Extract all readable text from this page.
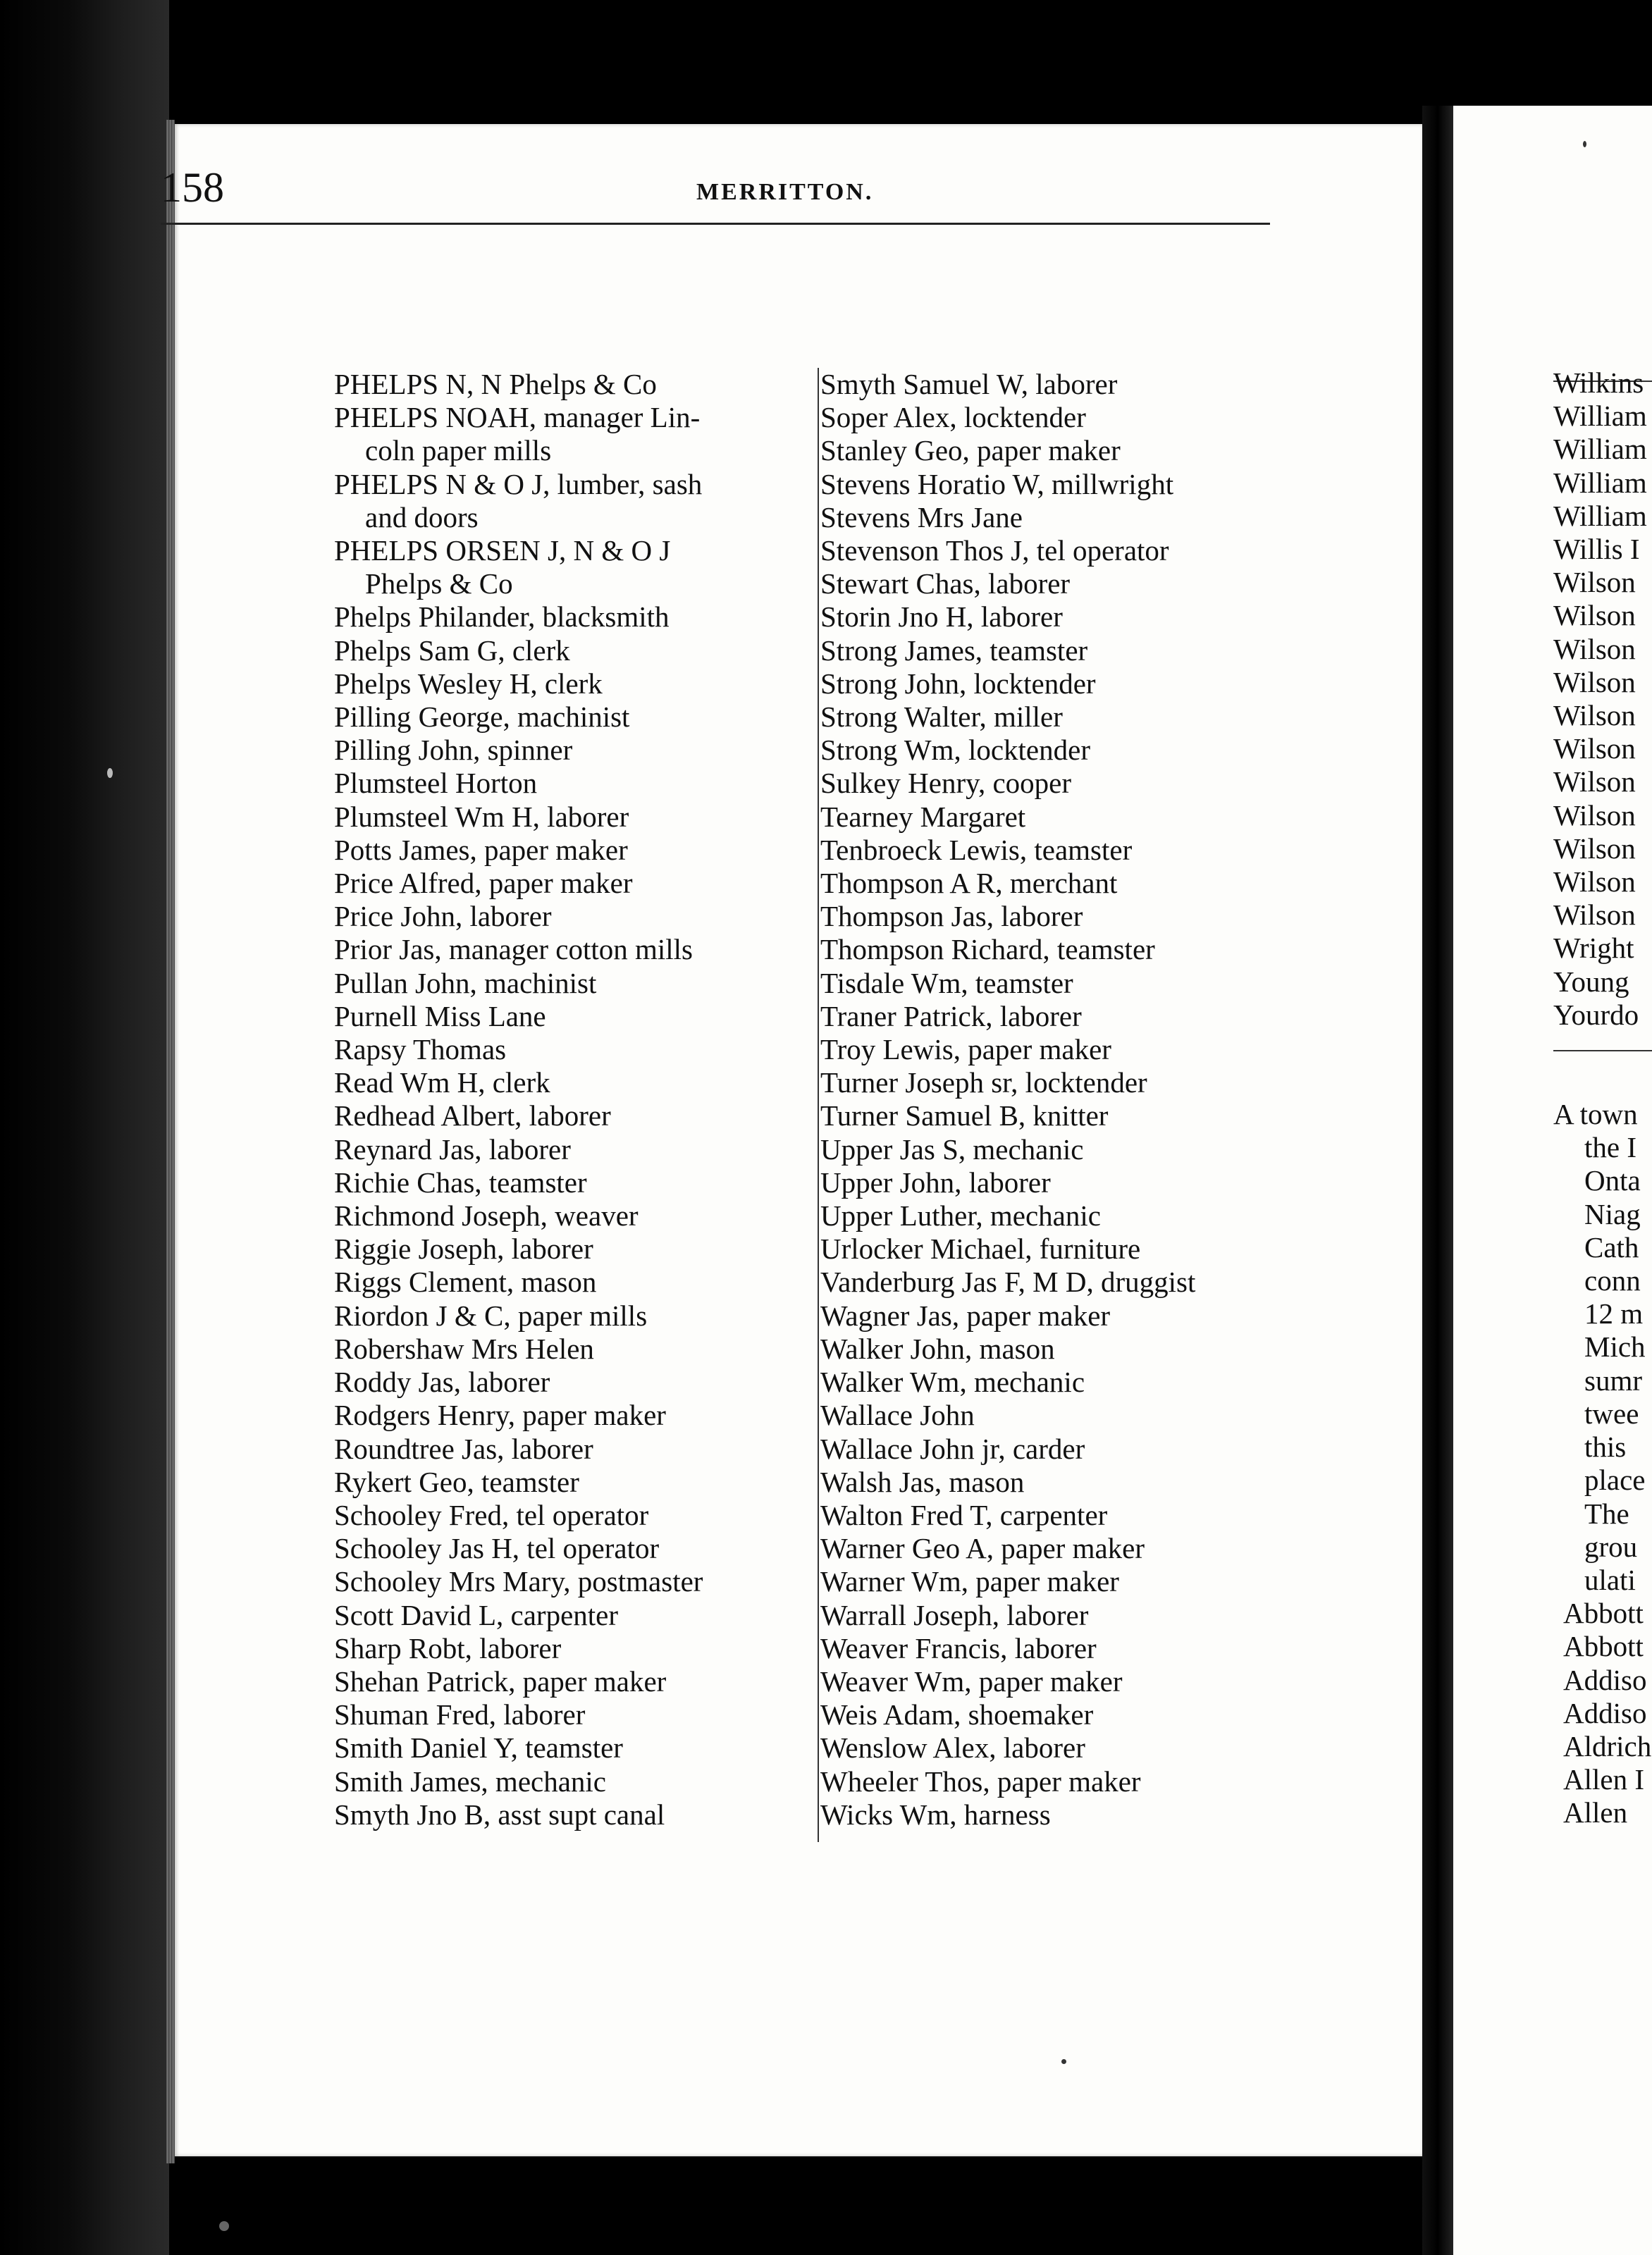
158	MERRITTON.
PHELPS N, N Phelps & Co
PHELPS NOAH, manager Lin-
coln paper mills
PHELPS N & O J, lumber, sash
and doors
PHELPS ORSEN J, N & O J
Phelps & Co
Phelps Philander, blacksmith
Phelps Sam G, clerk
Phelps Wesley H, clerk
Pilling George, machinist
Pilling John, spinner
Plumsteel Horton
Plumsteel Wm H, laborer
Potts James, paper maker
Price Alfred, paper maker
Price John, laborer
Prior Jas, manager cotton mills
Pullan John, machinist
Purnell Miss Lane
Rapsy Thomas
Read Wm H, clerk
Redhead Albert, laborer
Reynard Jas, laborer
Richie Chas, teamster
Richmond Joseph, weaver
Riggie Joseph, laborer
Riggs Clement, mason
Riordon J & C, paper mills
Robershaw Mrs Helen
Roddy Jas, laborer
Rodgers Henry, paper maker
Roundtree Jas, laborer
Rykert Geo, teamster
Schooley Fred, tel operator
Schooley Jas H, tel operator
Schooley Mrs Mary, postmaster
Scott David L, carpenter
Sharp Robt, laborer
Shehan Patrick, paper maker
Shuman Fred, laborer
Smith Daniel Y, teamster
Smith James, mechanic
Smyth Jno B, asst supt canal
Smyth Samuel W, laborer
Soper Alex, locktender
Stanley Geo, paper maker
Stevens Horatio W, millwright
Stevens Mrs Jane
Stevenson Thos J, tel operator
Stewart Chas, laborer
Storin Jno H, laborer
Strong James, teamster
Strong John, locktender
Strong Walter, miller
Strong Wm, locktender
Sulkey Henry, cooper
Tearney Margaret
Tenbroeck Lewis, teamster
Thompson A R, merchant
Thompson Jas, laborer
Thompson Richard, teamster
Tisdale Wm, teamster
Traner Patrick, laborer
Troy Lewis, paper maker
Turner Joseph sr, locktender
Turner Samuel B, knitter
Upper Jas S, mechanic
Upper John, laborer
Upper Luther, mechanic
Urlocker Michael, furniture
Vanderburg Jas F, M D, druggist
Wagner Jas, paper maker
Walker John, mason
Walker Wm, mechanic
Wallace John
Wallace John jr, carder
Walsh Jas, mason
Walton Fred T, carpenter
Warner Geo A, paper maker
Warner Wm, paper maker
Warrall Joseph, laborer
Weaver Francis, laborer
Weaver Wm, paper maker
Weis Adam, shoemaker
Wenslow Alex, laborer
Wheeler Thos, paper maker
Wicks Wm, harness
Wilkins
William
William
William
William
Willis I
Wilson
Wilson
Wilson
Wilson
Wilson
Wilson
Wilson
Wilson
Wilson
Wilson
Wilson
Wright
Young
Yourdo
A town
the I
Onta
Niag
Cath
conn
12 m
Mich
sumr
twee
this
place
The
grou
ulati
Abbott
Abbott
Addiso
Addiso
Aldrich
Allen I
Allen
